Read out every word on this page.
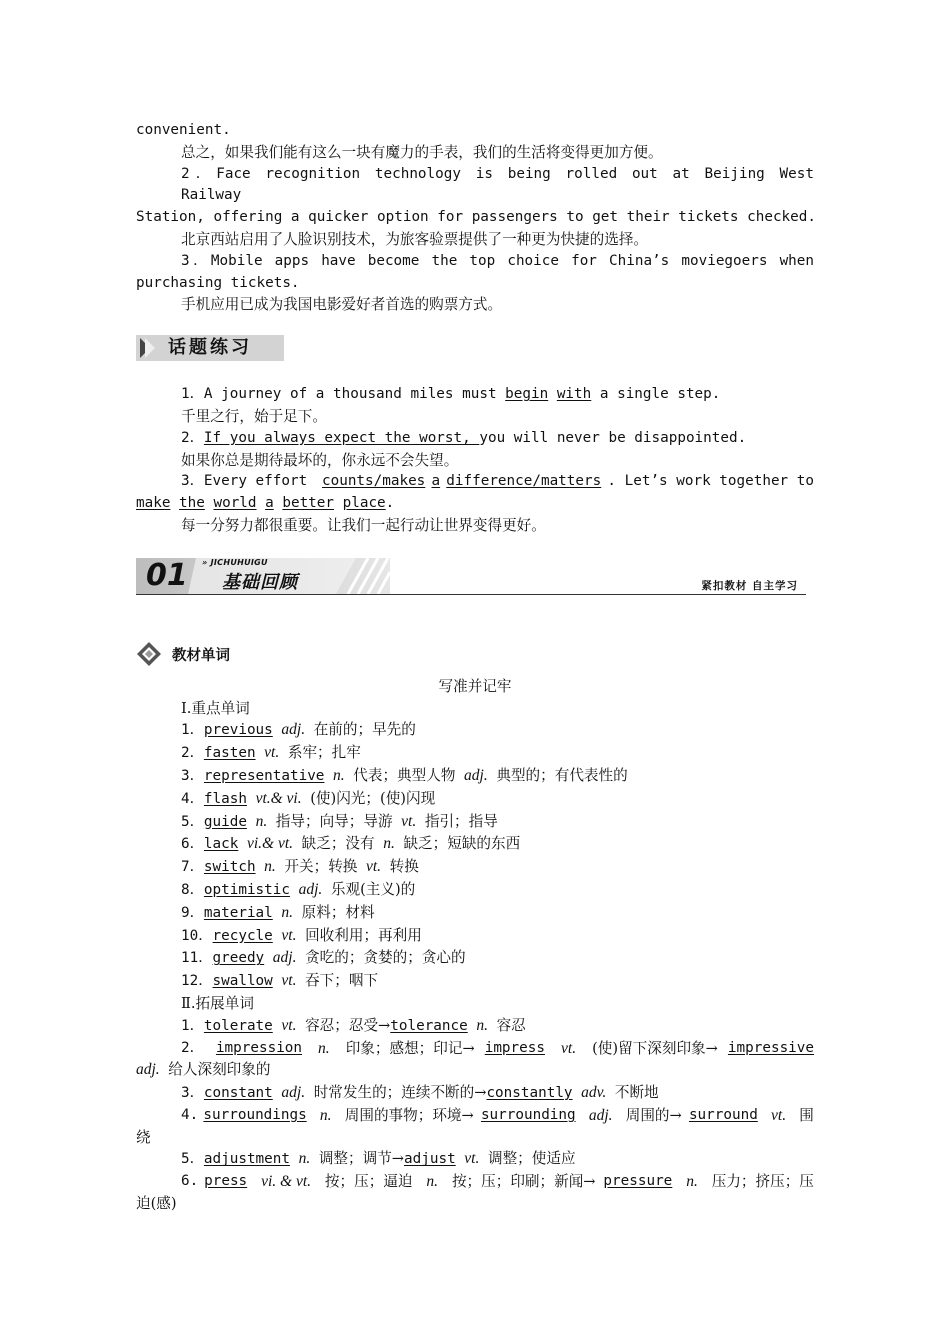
convenient.
总之，如果我们能有这么一块有魔力的手表，我们的生活将变得更加方便。
2．Face recognition technology is being rolled out at Beijing West Railway
Station, offering a quicker option for passengers to get their tickets checked.
北京西站启用了人脸识别技术，为旅客验票提供了一种更为快捷的选择。
3．Mobile apps have become the top choice for China’s moviegoers when
purchasing tickets.
手机应用已成为我国电影爱好者首选的购票方式。
话题练习
1．A journey of a thousand miles must begin with a single step.
千里之行，始于足下。
2．If you always expect the worst, you will never be disappointed.
如果你总是期待最坏的，你永远不会失望。
3．Every effort counts/makes a difference/matters . Let’s work together to
make the world a better place.
每一分努力都很重要。让我们一起行动让世界变得更好。
01 » JICHUHUIGU
基础回顾	紧扣教材 自主学习
教材单词
写准并记牢
Ⅰ.重点单词
1．previous adj. 在前的；早先的
2．fasten vt. 系牢；扎牢
3．representative n. 代表；典型人物 adj. 典型的；有代表性的
4．flash vt.& vi. (使)闪光；(使)闪现
5．guide n. 指导；向导；导游 vt. 指引；指导
6．lack vi.& vt. 缺乏；没有 n. 缺乏；短缺的东西
7．switch n. 开关；转换 vt. 转换
8．optimistic adj. 乐观(主义)的
9．material n. 原料；材料
10．recycle vt. 回收利用；再利用
11．greedy adj. 贪吃的；贪婪的；贪心的
12．swallow vt. 吞下；咽下
Ⅱ.拓展单词
1．tolerate vt. 容忍；忍受→tolerance n. 容忍
2． impression n. 印象；感想；印记→ impress vt. (使)留下深刻印象→ impressive
adj. 给人深刻印象的
3．constant adj. 时常发生的；连续不断的→constantly adv. 不断地
4. surroundings n. 周围的事物；环境→ surrounding adj. 周围的→ surround vt. 围
绕
5．adjustment n. 调整；调节→adjust vt. 调整；使适应
6. press vi. & vt. 按；压；逼迫 n. 按；压；印刷；新闻→ pressure n. 压力；挤压；压
迫(感)
